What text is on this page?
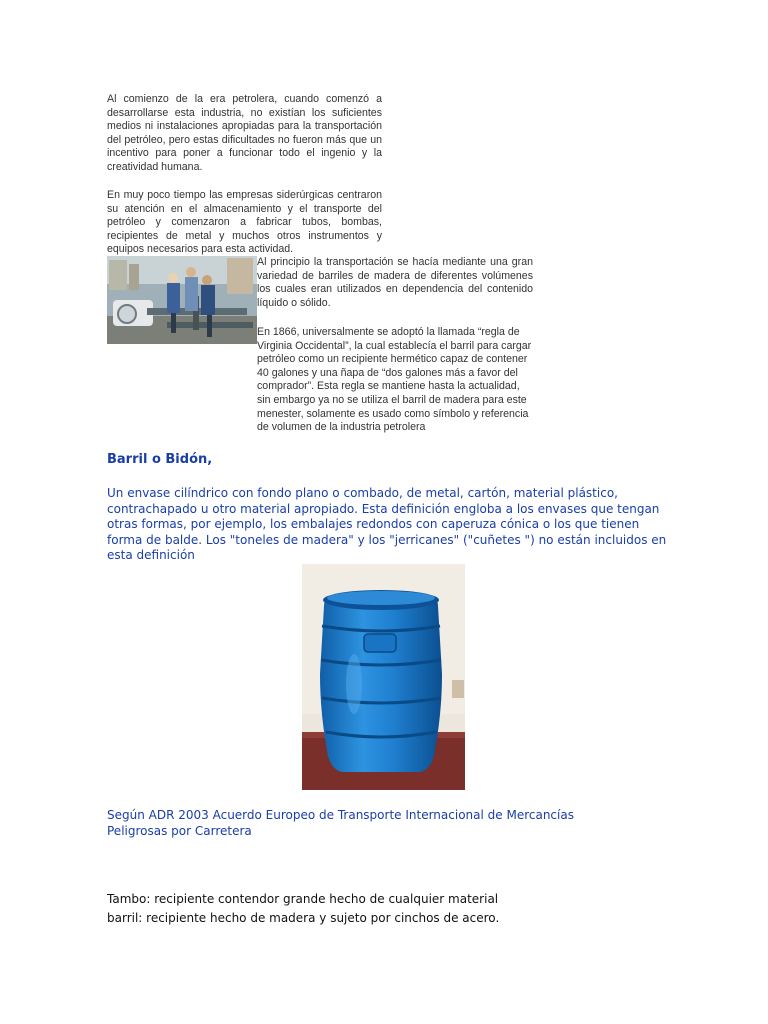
Al comienzo de la era petrolera, cuando comenzó a desarrollarse esta industria, no existían los suficientes medios ni instalaciones apropiadas para la transportación del petróleo, pero estas dificultades no fueron más que un incentivo para poner a funcionar todo el ingenio y la creatividad humana.

En muy poco tiempo las empresas siderúrgicas centraron su atención en el almacenamiento y el transporte del petróleo y comenzaron a fabricar tubos, bombas, recipientes de metal y muchos otros instrumentos y equipos necesarios para esta actividad.

Al principio la transportación se hacía mediante una gran variedad de barriles de madera de diferentes volúmenes los cuales eran utilizados en dependencia del contenido líquido o sólido.

En 1866, universalmente se adoptó la llamada “regla de Virginia Occidental”, la cual establecía el barril para cargar petróleo como un recipiente hermético capaz de contener 40 galones y una ñapa de “dos galones más a favor del comprador”. Esta regla se mantiene hasta la actualidad, sin embargo ya no se utiliza el barril de madera para este menester, solamente es usado como símbolo y referencia de volumen de la industria petrolera

Barril o Bidón,

Un envase cilíndrico con fondo plano o combado, de metal, cartón, material plástico, contrachapado u otro material apropiado. Esta definición engloba a los envases que tengan otras formas, por ejemplo, los embalajes redondos con caperuza cónica o los que tienen forma de balde. Los "toneles de madera" y los "jerricanes" ("cuñetes ") no están incluidos en esta definición

Según ADR 2003 Acuerdo Europeo de Transporte Internacional de Mercancías Peligrosas por Carretera

Tambo: recipiente contendor grande hecho de cualquier material

barril: recipiente hecho de madera y sujeto por cinchos de acero.
